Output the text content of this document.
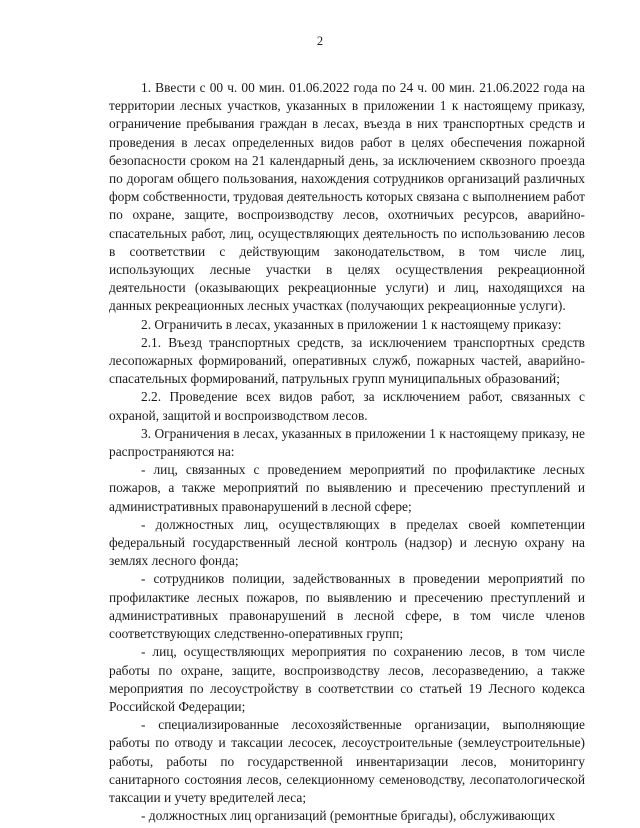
2

1. Ввести с 00 ч. 00 мин. 01.06.2022 года по 24 ч. 00 мин. 21.06.2022 года на территории лесных участков, указанных в приложении 1 к настоящему приказу, ограничение пребывания граждан в лесах, въезда в них транспортных средств и проведения в лесах определенных видов работ в целях обеспечения пожарной безопасности сроком на 21 календарный день, за исключением сквозного проезда по дорогам общего пользования, нахождения сотрудников организаций различных форм собственности, трудовая деятельность которых связана с выполнением работ по охране, защите, воспроизводству лесов, охотничьих ресурсов, аварийно-спасательных работ, лиц, осуществляющих деятельность по использованию лесов в соответствии с действующим законодательством, в том числе лиц, использующих лесные участки в целях осуществления рекреационной деятельности (оказывающих рекреационные услуги) и лиц, находящихся на данных рекреационных лесных участках (получающих рекреационные услуги).

2. Ограничить в лесах, указанных в приложении 1 к настоящему приказу:

2.1. Въезд транспортных средств, за исключением транспортных средств лесопожарных формирований, оперативных служб, пожарных частей, аварийно- спасательных формирований, патрульных групп муниципальных образований;

2.2. Проведение всех видов работ, за исключением работ, связанных с охраной, защитой и воспроизводством лесов.

3. Ограничения в лесах, указанных в приложении 1 к настоящему приказу, не распространяются на:

- лиц, связанных с проведением мероприятий по профилактике лесных пожаров, а также мероприятий по выявлению и пресечению преступлений и административных правонарушений в лесной сфере;

- должностных лиц, осуществляющих в пределах своей компетенции федеральный государственный лесной контроль (надзор) и лесную охрану на землях лесного фонда;

- сотрудников полиции, задействованных в проведении мероприятий по профилактике лесных пожаров, по выявлению и пресечению преступлений и административных правонарушений в лесной сфере, в том числе членов соответствующих следственно-оперативных групп;

- лиц, осуществляющих мероприятия по сохранению лесов, в том числе работы по охране, защите, воспроизводству лесов, лесоразведению, а также мероприятия по лесоустройству в соответствии со статьей 19 Лесного кодекса Российской Федерации;

- специализированные лесохозяйственные организации, выполняющие работы по отводу и таксации лесосек, лесоустроительные (землеустроительные) работы, работы по государственной инвентаризации лесов, мониторингу санитарного состояния лесов, селекционному семеноводству, лесопатологической таксации и учету вредителей леса;

- должностных лиц организаций (ремонтные бригады), обслуживающих
